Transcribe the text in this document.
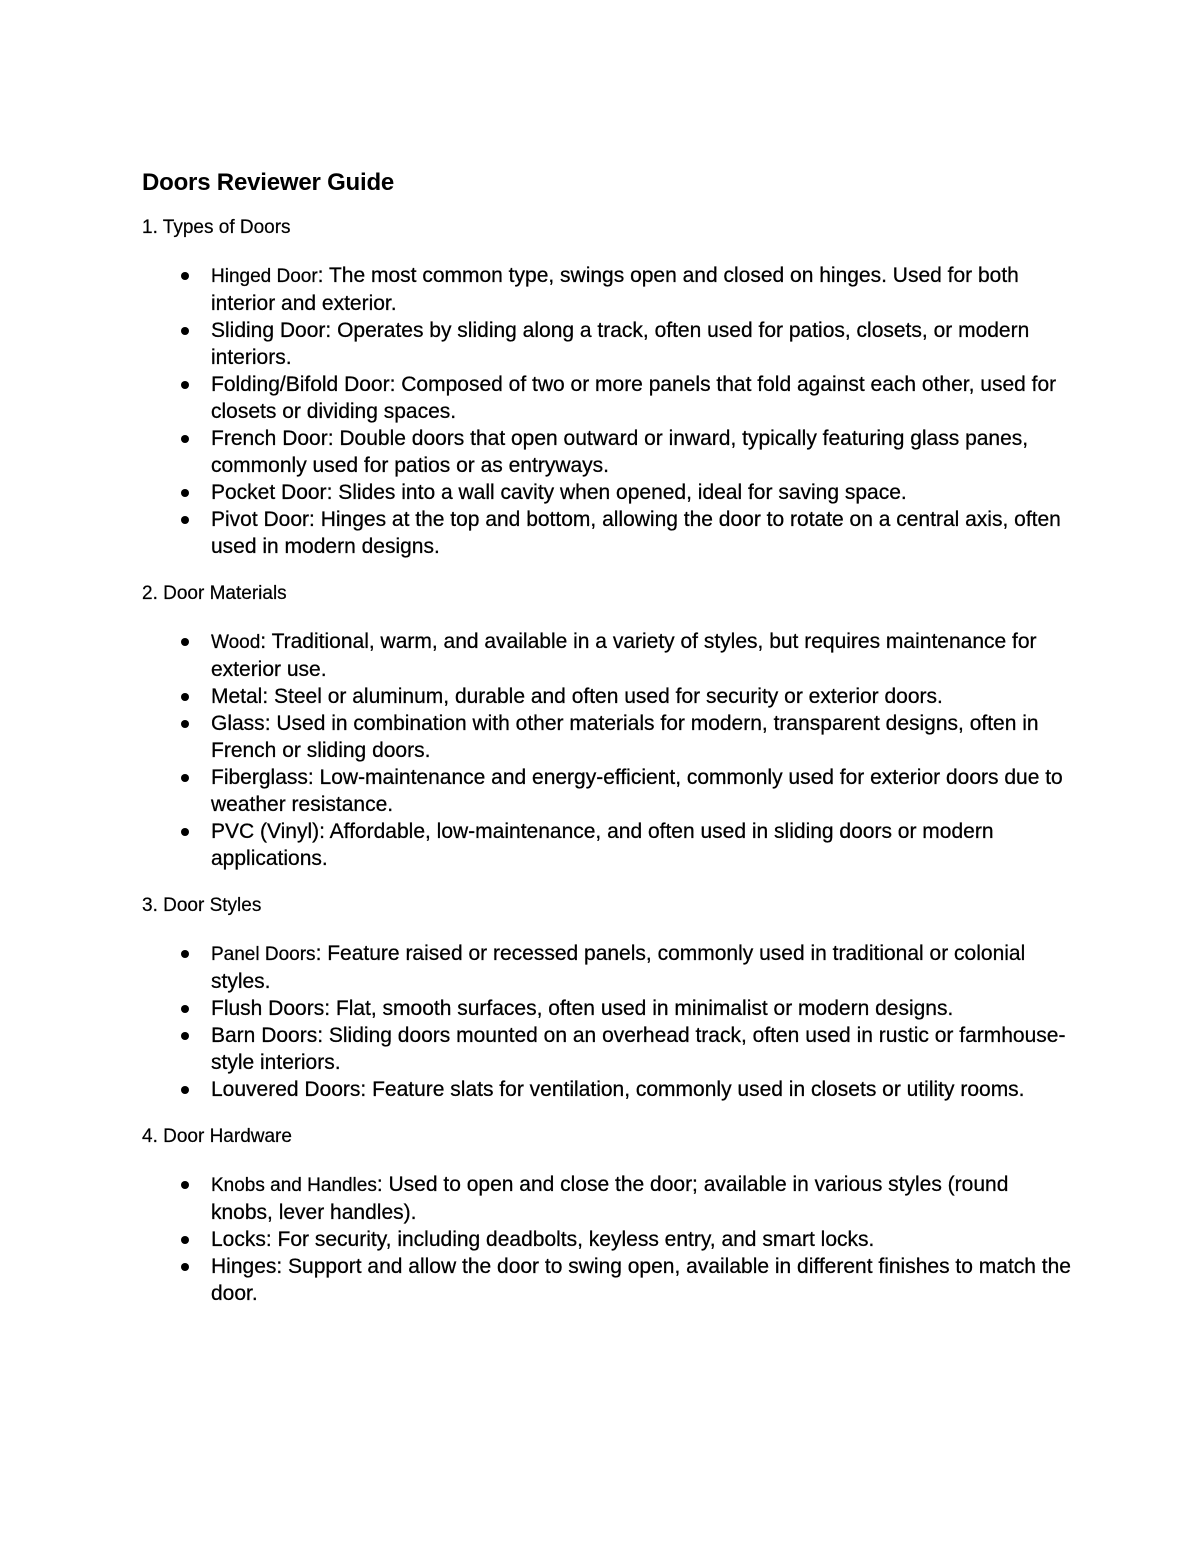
Doors Reviewer Guide
1. Types of Doors
Hinged Door: The most common type, swings open and closed on hinges. Used for both interior and exterior.
Sliding Door: Operates by sliding along a track, often used for patios, closets, or modern interiors.
Folding/Bifold Door: Composed of two or more panels that fold against each other, used for closets or dividing spaces.
French Door: Double doors that open outward or inward, typically featuring glass panes, commonly used for patios or as entryways.
Pocket Door: Slides into a wall cavity when opened, ideal for saving space.
Pivot Door: Hinges at the top and bottom, allowing the door to rotate on a central axis, often used in modern designs.
2. Door Materials
Wood: Traditional, warm, and available in a variety of styles, but requires maintenance for exterior use.
Metal: Steel or aluminum, durable and often used for security or exterior doors.
Glass: Used in combination with other materials for modern, transparent designs, often in French or sliding doors.
Fiberglass: Low-maintenance and energy-efficient, commonly used for exterior doors due to weather resistance.
PVC (Vinyl): Affordable, low-maintenance, and often used in sliding doors or modern applications.
3. Door Styles
Panel Doors: Feature raised or recessed panels, commonly used in traditional or colonial styles.
Flush Doors: Flat, smooth surfaces, often used in minimalist or modern designs.
Barn Doors: Sliding doors mounted on an overhead track, often used in rustic or farmhouse-style interiors.
Louvered Doors: Feature slats for ventilation, commonly used in closets or utility rooms.
4. Door Hardware
Knobs and Handles: Used to open and close the door; available in various styles (round knobs, lever handles).
Locks: For security, including deadbolts, keyless entry, and smart locks.
Hinges: Support and allow the door to swing open, available in different finishes to match the door.
